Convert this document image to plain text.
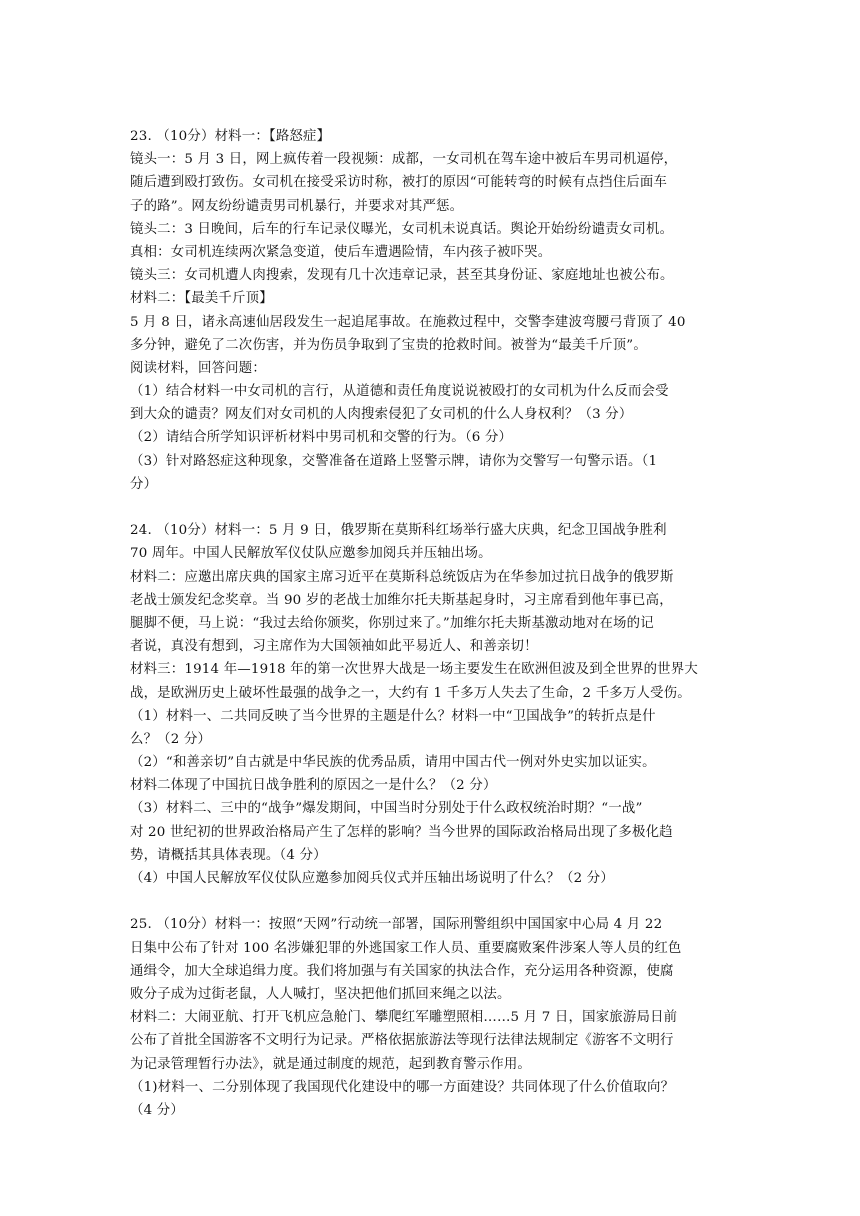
23. （10分）材料一：【路怒症】
镜头一：5 月 3 日，网上疯传着一段视频：成都，一女司机在驾车途中被后车男司机逼停，
随后遭到殴打致伤。女司机在接受采访时称，被打的原因“可能转弯的时候有点挡住后面车
子的路”。网友纷纷谴责男司机暴行，并要求对其严惩。
镜头二：3 日晚间，后车的行车记录仪曝光，女司机未说真话。舆论开始纷纷谴责女司机。
真相：女司机连续两次紧急变道，使后车遭遇险情，车内孩子被吓哭。
镜头三：女司机遭人肉搜索，发现有几十次违章记录，甚至其身份证、家庭地址也被公布。
材料二：【最美千斤顶】
5 月 8 日，诸永高速仙居段发生一起追尾事故。在施救过程中，交警李建波弯腰弓背顶了 40
多分钟，避免了二次伤害，并为伤员争取到了宝贵的抢救时间。被誉为“最美千斤顶”。
阅读材料，回答问题：
（1）结合材料一中女司机的言行，从道德和责任角度说说被殴打的女司机为什么反而会受
到大众的谴责？网友们对女司机的人肉搜索侵犯了女司机的什么人身权利？（3 分）
（2）请结合所学知识评析材料中男司机和交警的行为。（6 分）
（3）针对路怒症这种现象，交警准备在道路上竖警示牌，请你为交警写一句警示语。（1
分）
24. （10分）材料一：5 月 9 日，俄罗斯在莫斯科红场举行盛大庆典，纪念卫国战争胜利
70 周年。中国人民解放军仪仗队应邀参加阅兵并压轴出场。
材料二：应邀出席庆典的国家主席习近平在莫斯科总统饭店为在华参加过抗日战争的俄罗斯
老战士颁发纪念奖章。当 90 岁的老战士加维尔托夫斯基起身时，习主席看到他年事已高，
腿脚不便，马上说：“我过去给你颁奖，你别过来了。”加维尔托夫斯基激动地对在场的记
者说，真没有想到，习主席作为大国领袖如此平易近人、和善亲切！
材料三：1914 年—1918 年的第一次世界大战是一场主要发生在欧洲但波及到全世界的世界大
战，是欧洲历史上破坏性最强的战争之一，大约有 1 千多万人失去了生命，2 千多万人受伤。
（1）材料一、二共同反映了当今世界的主题是什么？材料一中“卫国战争”的转折点是什
么？（2 分）
（2）“和善亲切”自古就是中华民族的优秀品质，请用中国古代一例对外史实加以证实。
材料二体现了中国抗日战争胜利的原因之一是什么？（2 分）
（3）材料二、三中的“战争”爆发期间，中国当时分别处于什么政权统治时期？“一战”
对 20 世纪初的世界政治格局产生了怎样的影响？当今世界的国际政治格局出现了多极化趋
势，请概括其具体表现。（4 分）
（4）中国人民解放军仪仗队应邀参加阅兵仪式并压轴出场说明了什么？（2 分）
25. （10分）材料一：按照“天网”行动统一部署，国际刑警组织中国国家中心局 4 月 22
日集中公布了针对 100 名涉嫌犯罪的外逃国家工作人员、重要腐败案件涉案人等人员的红色
通缉令，加大全球追缉力度。我们将加强与有关国家的执法合作，充分运用各种资源，使腐
败分子成为过街老鼠，人人喊打，坚决把他们抓回来绳之以法。
材料二：大闹亚航、打开飞机应急舱门、攀爬红军雕塑照相……5 月 7 日，国家旅游局日前
公布了首批全国游客不文明行为记录。严格依据旅游法等现行法律法规制定《游客不文明行
为记录管理暂行办法》，就是通过制度的规范，起到教育警示作用。
（1)材料一、二分别体现了我国现代化建设中的哪一方面建设？共同体现了什么价值取向？
（4 分）
